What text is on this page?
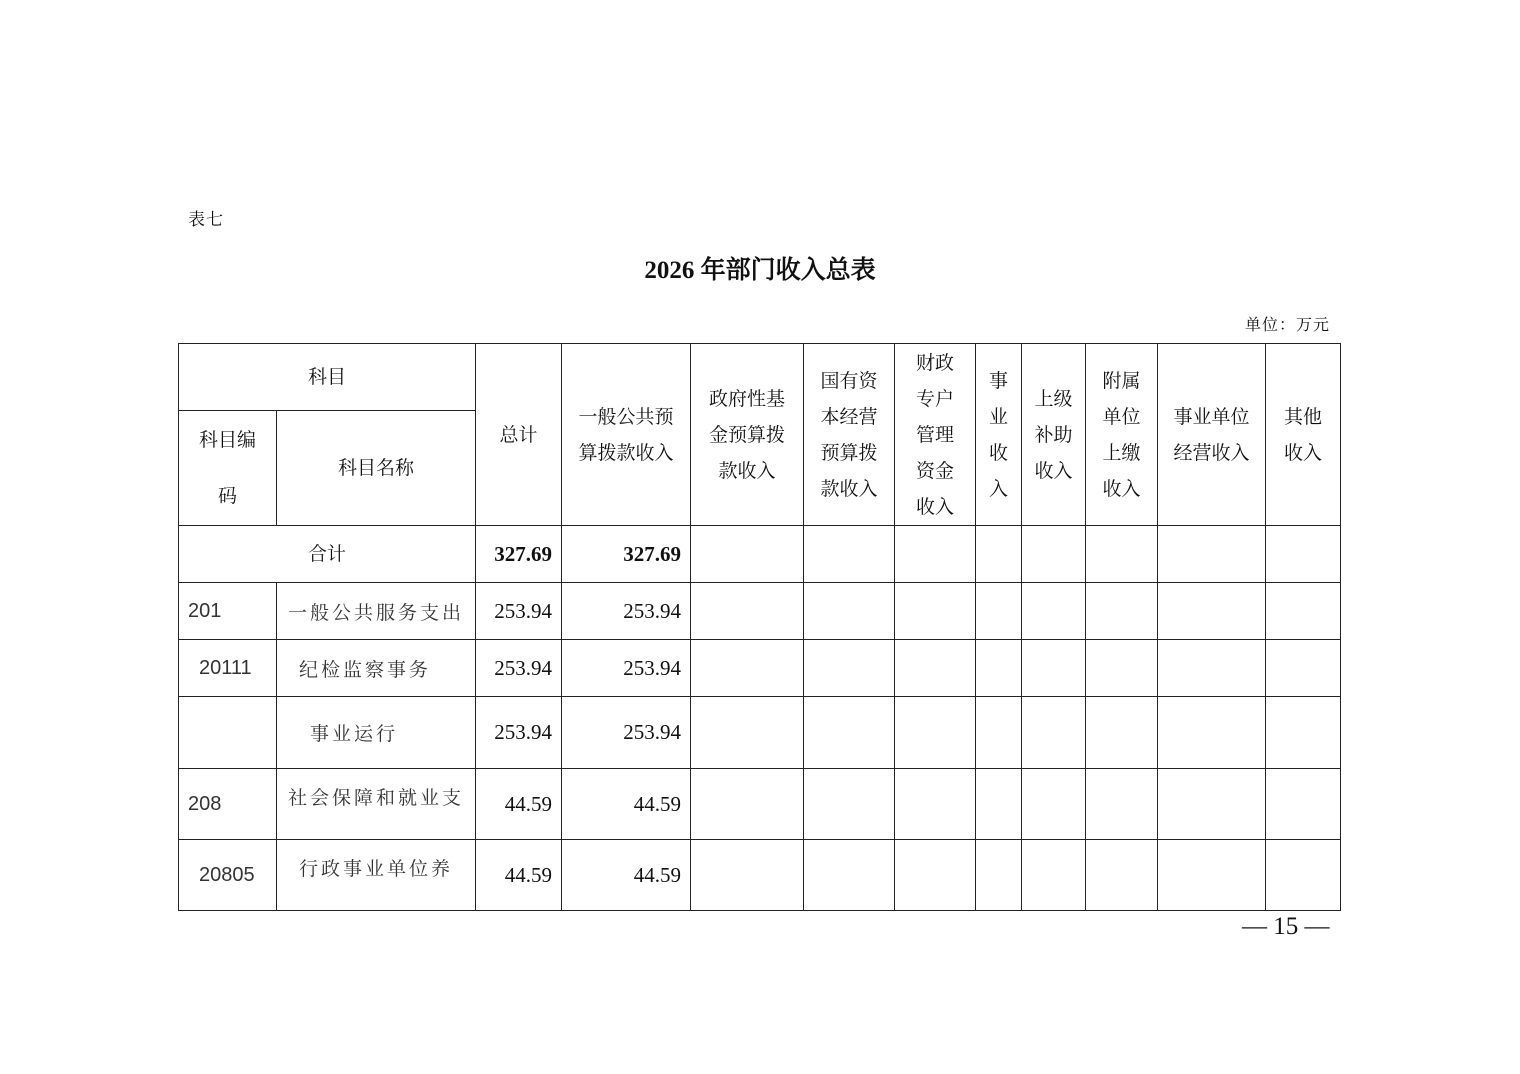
表七
2026 年部门收入总表
单位：万元
科目		总计	一般公共预算拨款收入	政府性基金预算拨款收入	国有资本经营预算拨款收入	财政专户管理资金收入	事业收入	上级补助收入	附属单位上缴收入	事业单位经营收入	其他收入
科目编码	科目名称										
合计		327.69	327.69								
201	一般公共服务支出	253.94	253.94								
20111	纪检监察事务	253.94	253.94								
	事业运行	253.94	253.94								
208	社会保障和就业支	44.59	44.59								
20805	行政事业单位养	44.59	44.59								
— 15 —
